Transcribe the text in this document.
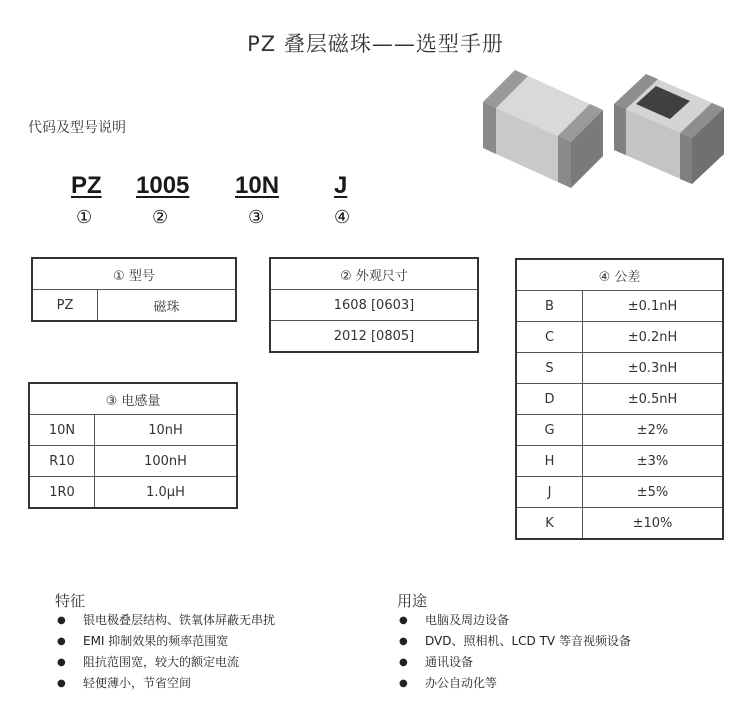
PZ 叠层磁珠——选型手册
代码及型号说明
PZ 1005 10N J
①	②	③	④
① 型号
PZ	磁珠
② 外观尺寸
1608 [0603]
2012 [0805]
③ 电感量	
10N	10nH
R10	100nH
1R0	1.0μH
④ 公差	
B	±0.1nH
C	±0.2nH
S	±0.3nH
D	±0.5nH
G	±2%
H	±3%
J	±5%
K	±10%
特征
● 银电极叠层结构、铁氧体屏蔽无串扰
● EMI 抑制效果的频率范围宽
● 阻抗范围宽，较大的额定电流
● 轻便薄小，节省空间
用途
● 电脑及周边设备
● DVD、照相机、LCD TV 等音视频设备
● 通讯设备
● 办公自动化等
